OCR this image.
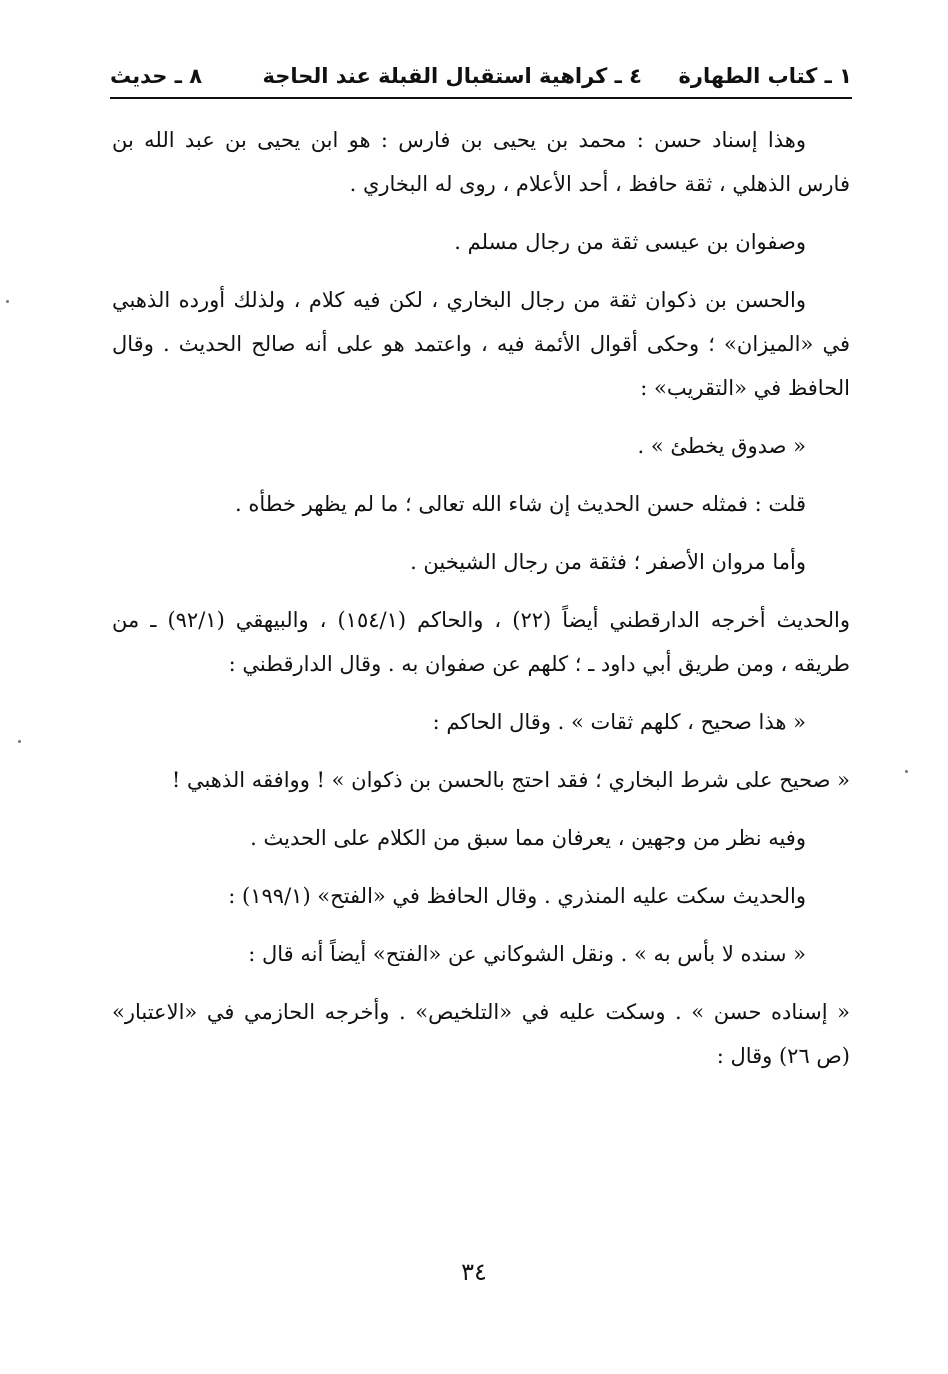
١ ـ كتاب الطهارة
٤ ـ كراهية استقبال القبلة عند الحاجة
٨ ـ حديث

وهذا إسناد حسن : محمد بن يحيى بن فارس : هو ابن يحيى بن عبد الله بن فارس الذهلي ، ثقة حافظ ، أحد الأعلام ، روى له البخاري .

وصفوان بن عيسى ثقة من رجال مسلم .

والحسن بن ذكوان ثقة من رجال البخاري ، لكن فيه كلام ، ولذلك أورده الذهبي في «الميزان» ؛ وحكى أقوال الأئمة فيه ، واعتمد هو على أنه صالح الحديث . وقال الحافظ في «التقريب» :

« صدوق يخطئ » .

قلت : فمثله حسن الحديث إن شاء الله تعالى ؛ ما لم يظهر خطأه .

وأما مروان الأصفر ؛ فثقة من رجال الشيخين .

والحديث أخرجه الدارقطني أيضاً (٢٢) ، والحاكم (١٥٤/١) ، والبيهقي (٩٢/١) ـ من طريقه ، ومن طريق أبي داود ـ ؛ كلهم عن صفوان به . وقال الدارقطني :

« هذا صحيح ، كلهم ثقات » . وقال الحاكم :

« صحيح على شرط البخاري ؛ فقد احتج بالحسن بن ذكوان » ! ووافقه الذهبي !

وفيه نظر من وجهين ، يعرفان مما سبق من الكلام على الحديث .

والحديث سكت عليه المنذري . وقال الحافظ في «الفتح» (١٩٩/١) :

« سنده لا بأس به » . ونقل الشوكاني عن «الفتح» أيضاً أنه قال :

« إسناده حسن » . وسكت عليه في «التلخيص» . وأخرجه الحازمي في «الاعتبار» (ص ٢٦) وقال :

٣٤
